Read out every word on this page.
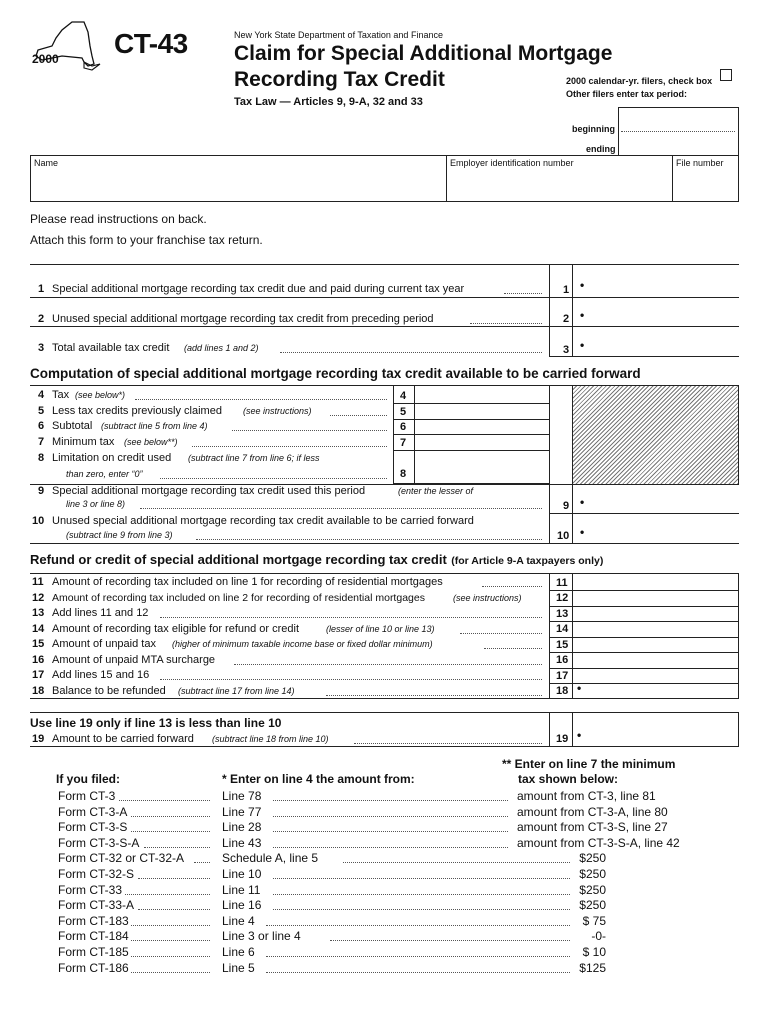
2000 CT-43	New York State Department of Taxation and Finance
Claim for Special Additional Mortgage
Recording Tax Credit
Tax Law — Articles 9, 9-A, 32 and 33
2000 calendar-yr. filers, check box
Other filers enter tax period:
beginning
ending
Name	Employer identification number	File number
Please read instructions on back.
Attach this form to your franchise tax return.
1 Special additional mortgage recording tax credit due and paid during current tax year	1 •
2 Unused special additional mortgage recording tax credit from preceding period	2 •
3 Total available tax credit (add lines 1 and 2)	3 •
Computation of special additional mortgage recording tax credit available to be carried forward
4 Tax (see below*)	4
5 Less tax credits previously claimed (see instructions)	5
6 Subtotal (subtract line 5 from line 4)	6
7 Minimum tax (see below**)	7
8 Limitation on credit used (subtract line 7 from line 6; if less
than zero, enter “0”	8
9 Special additional mortgage recording tax credit used this period	(enter the lesser of
line 3 or line 8)	9 •
10 Unused special additional mortgage recording tax credit available to be carried forward
(subtract line 9 from line 3)	10 •
Refund or credit of special additional mortgage recording tax credit (for Article 9-A taxpayers only)
11 Amount of recording tax included on line 1 for recording of residential mortgages	11
12 Amount of recording tax included on line 2 for recording of residential mortgages	(see instructions)	12
13 Add lines 11 and 12	13
14 Amount of recording tax eligible for refund or credit	(lesser of line 10 or line 13)	14
15 Amount of unpaid tax (higher of minimum taxable income base or fixed dollar minimum)	15
16 Amount of unpaid MTA surcharge	16
17 Add lines 15 and 16	17
18 Balance to be refunded (subtract line 17 from line 14)	18 •
Use line 19 only if line 13 is less than line 10
19 Amount to be carried forward (subtract line 18 from line 10)	19 •
If you filed:	* Enter on line 4 the amount from:
** Enter on line 7 the minimum
tax shown below:
Form CT-3	Line 78	amount from CT-3, line 81
Form CT-3-A	Line 77	amount from CT-3-A, line 80
Form CT-3-S	Line 28	amount from CT-3-S, line 27
Form CT-3-S-A	Line 43	amount from CT-3-S-A, line 42
Form CT-32 or CT-32-A	Schedule A, line 5	$250
Form CT-32-S	Line 10	$250
Form CT-33	Line 11	$250
Form CT-33-A	Line 16	$250
Form CT-183	Line 4	$ 75
Form CT-184	Line 3 or line 4	-0-
Form CT-185	Line 6	$ 10
Form CT-186	Line 5	$125
